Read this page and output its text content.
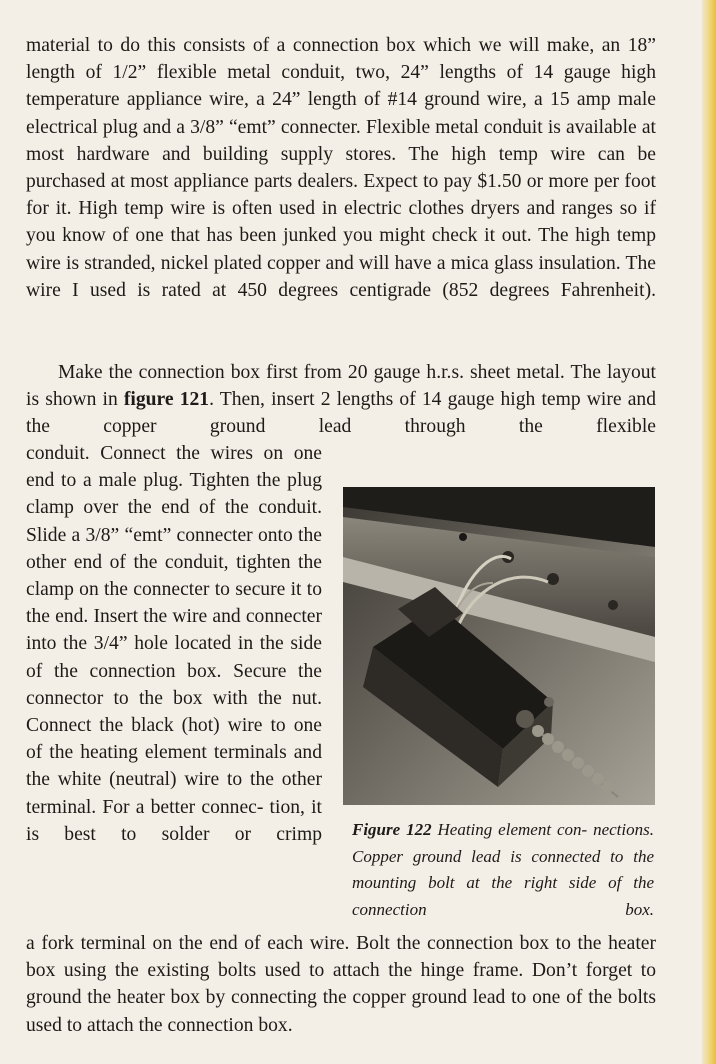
material to do this consists of a connection box which we will make, an 18” length of 1/2” flexible metal conduit, two, 24” lengths of 14 gauge high temperature appliance wire, a 24” length of #14 ground wire, a 15 amp male electrical plug and a 3/8” “emt” connecter. Flexible metal conduit is available at most hardware and building supply stores. The high temp wire can be purchased at most appliance parts dealers. Expect to pay $1.50 or more per foot for it. High temp wire is often used in electric clothes dryers and ranges so if you know of one that has been junked you might check it out. The high temp wire is stranded, nickel plated copper and will have a mica glass insulation. The wire I used is rated at 450 degrees centigrade (852 degrees Fahrenheit).

Make the connection box first from 20 gauge h.r.s. sheet metal. The layout is shown in figure 121. Then, insert 2 lengths of 14 gauge high temp wire and the copper ground lead through the flexible

conduit. Connect the wires on one end to a male plug. Tighten the plug clamp over the end of the conduit. Slide a 3/8” “emt” connecter onto the other end of the conduit, tighten the clamp on the connecter to secure it to the end. Insert the wire and connecter into the 3/4” hole located in the side of the connection box. Secure the connector to the box with the nut. Connect the black (hot) wire to one of the heating element terminals and the white (neutral) wire to the other terminal. For a better connec- tion, it is best to solder or crimp Figure 122 Heating element con- nections. Copper ground lead is connected to the mounting bolt at the right side of the connection box.

a fork terminal on the end of each wire. Bolt the connection box to the heater box using the existing bolts used to attach the hinge frame. Don’t forget to ground the heater box by connecting the copper ground lead to one of the bolts used to attach the connection box.
